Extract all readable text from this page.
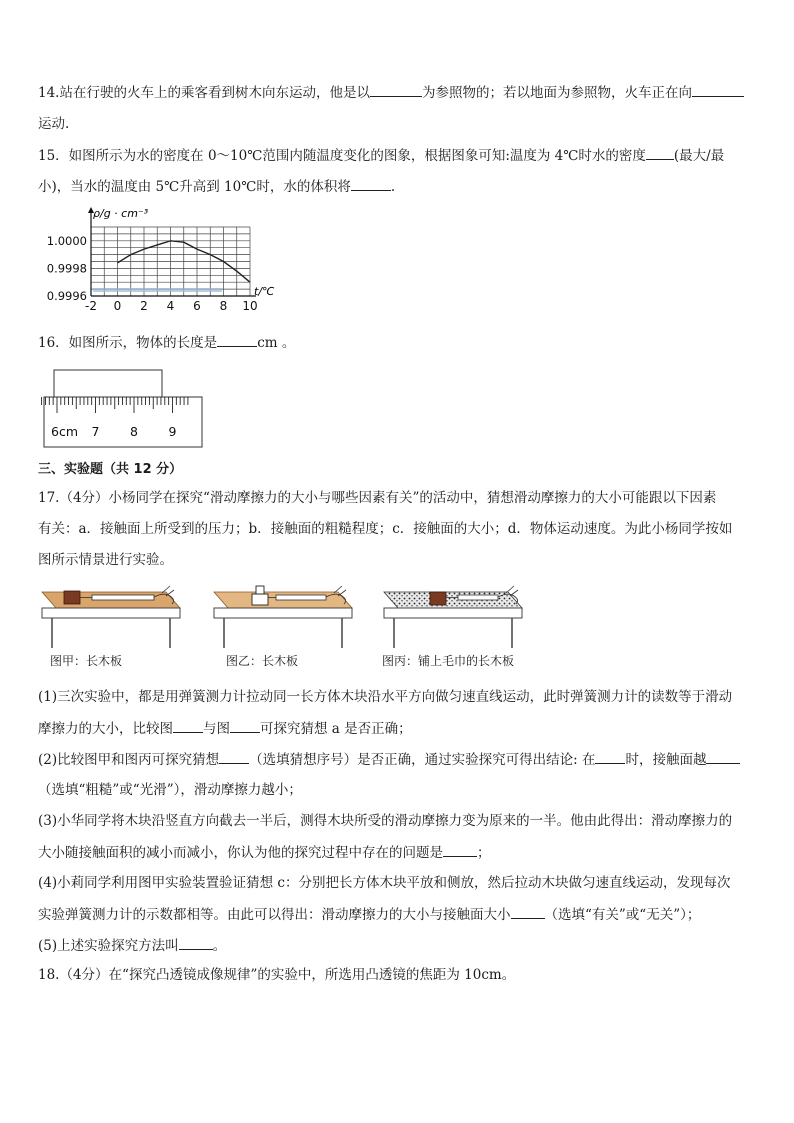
14.站在行驶的火车上的乘客看到树木向东运动，他是以	为参照物的；若以地面为参照物，火车正在向
运动.
15．如图所示为水的密度在 0～10℃范围内随温度变化的图象，根据图象可知:温度为 4℃时水的密度 (最大/最
小)，当水的温度由 5℃升高到 10℃时，水的体积将	.
-2 0 2 4 6 8 10
1.0000
0.9998
0.9996
ρ/g · cm⁻³
t/℃
16．如图所示，物体的长度是	cm 。
6cm 7 8 9
三、实验题（共 12 分）
17.（4分）小杨同学在探究“滑动摩擦力的大小与哪些因素有关”的活动中，猜想滑动摩擦力的大小可能跟以下因素
有关：a．接触面上所受到的压力；b．接触面的粗糙程度；c．接触面的大小；d．物体运动速度。为此小杨同学按如
图所示情景进行实验。
图甲：长木板	图乙：长木板	图丙：铺上毛巾的长木板
(1)三次实验中，都是用弹簧测力计拉动同一长方体木块沿水平方向做匀速直线运动，此时弹簧测力计的读数等于滑动
摩擦力的大小，比较图 与图 可探究猜想 a 是否正确；
(2)比较图甲和图丙可探究猜想 （选填猜想序号）是否正确，通过实验探究可得出结论: 在 时，接触面越
（选填“粗糙”或“光滑”），滑动摩擦力越小；
(3)小华同学将木块沿竖直方向截去一半后，测得木块所受的滑动摩擦力变为原来的一半。他由此得出：滑动摩擦力的
大小随接触面积的减小而减小，你认为他的探究过程中存在的问题是	；
(4)小莉同学利用图甲实验装置验证猜想 c：分别把长方体木块平放和侧放，然后拉动木块做匀速直线运动，发现每次
实验弹簧测力计的示数都相等。由此可以得出：滑动摩擦力的大小与接触面大小	（选填“有关”或“无关”）；
(5)上述实验探究方法叫	。
18.（4分）在“探究凸透镜成像规律”的实验中，所选用凸透镜的焦距为 10cm。
